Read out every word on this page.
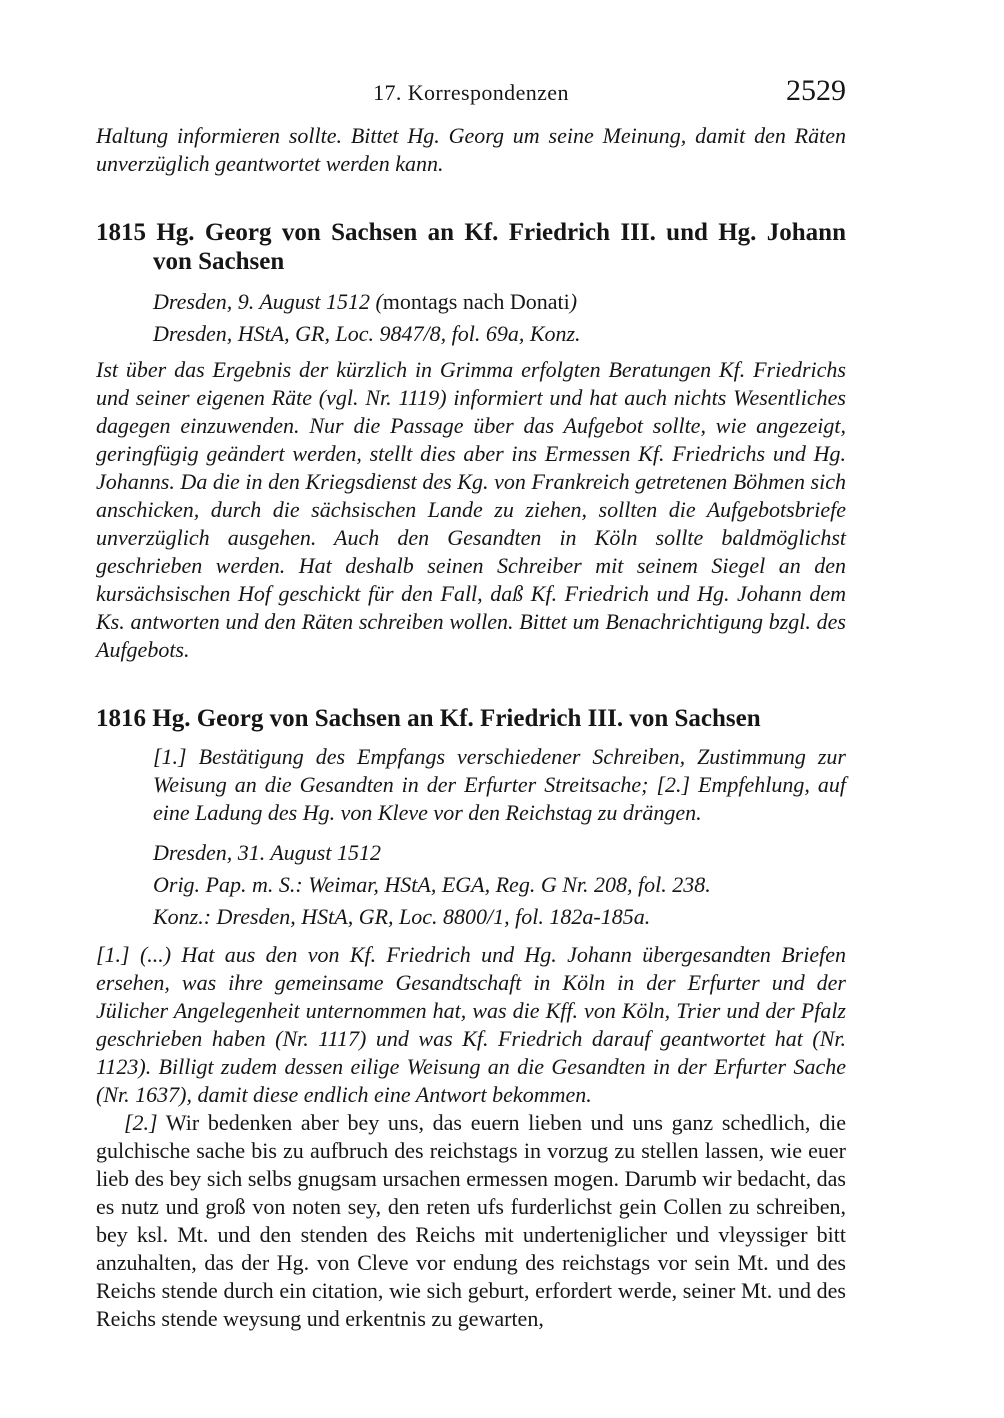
17. Korrespondenzen	2529

Haltung informieren sollte. Bittet Hg. Georg um seine Meinung, damit den Räten unverzüglich geantwortet werden kann.

1815 Hg. Georg von Sachsen an Kf. Friedrich III. und Hg. Johann von Sachsen

Dresden, 9. August 1512 (montags nach Donati)

Dresden, HStA, GR, Loc. 9847/8, fol. 69a, Konz.

Ist über das Ergebnis der kürzlich in Grimma erfolgten Beratungen Kf. Friedrichs und seiner eigenen Räte (vgl. Nr. 1119) informiert und hat auch nichts Wesentliches dagegen einzuwenden. Nur die Passage über das Aufgebot sollte, wie angezeigt, geringfügig geändert werden, stellt dies aber ins Ermessen Kf. Friedrichs und Hg. Johanns. Da die in den Kriegsdienst des Kg. von Frankreich getretenen Böhmen sich anschicken, durch die sächsischen Lande zu ziehen, sollten die Aufgebotsbriefe unverzüglich ausgehen. Auch den Gesandten in Köln sollte baldmöglichst geschrieben werden. Hat deshalb seinen Schreiber mit seinem Siegel an den kursächsischen Hof geschickt für den Fall, daß Kf. Friedrich und Hg. Johann dem Ks. antworten und den Räten schreiben wollen. Bittet um Benachrichtigung bzgl. des Aufgebots.

1816 Hg. Georg von Sachsen an Kf. Friedrich III. von Sachsen

[1.] Bestätigung des Empfangs verschiedener Schreiben, Zustimmung zur Weisung an die Gesandten in der Erfurter Streitsache; [2.] Empfehlung, auf eine Ladung des Hg. von Kleve vor den Reichstag zu drängen.

Dresden, 31. August 1512

Orig. Pap. m. S.: Weimar, HStA, EGA, Reg. G Nr. 208, fol. 238.

Konz.: Dresden, HStA, GR, Loc. 8800/1, fol. 182a-185a.

[1.] (...) Hat aus den von Kf. Friedrich und Hg. Johann übergesandten Briefen ersehen, was ihre gemeinsame Gesandtschaft in Köln in der Erfurter und der Jülicher Angelegenheit unternommen hat, was die Kff. von Köln, Trier und der Pfalz geschrieben haben (Nr. 1117) und was Kf. Friedrich darauf geantwortet hat (Nr. 1123). Billigt zudem dessen eilige Weisung an die Gesandten in der Erfurter Sache (Nr. 1637), damit diese endlich eine Antwort bekommen.

[2.] Wir bedenken aber bey uns, das euern lieben und uns ganz schedlich, die gulchische sache bis zu aufbruch des reichstags in vorzug zu stellen lassen, wie euer lieb des bey sich selbs gnugsam ursachen ermessen mogen. Darumb wir bedacht, das es nutz und groß von noten sey, den reten ufs furderlichst gein Collen zu schreiben, bey ksl. Mt. und den stenden des Reichs mit underteniglicher und vleyssiger bitt anzuhalten, das der Hg. von Cleve vor endung des reichstags vor sein Mt. und des Reichs stende durch ein citation, wie sich geburt, erfordert werde, seiner Mt. und des Reichs stende weysung und erkentnis zu gewarten,
